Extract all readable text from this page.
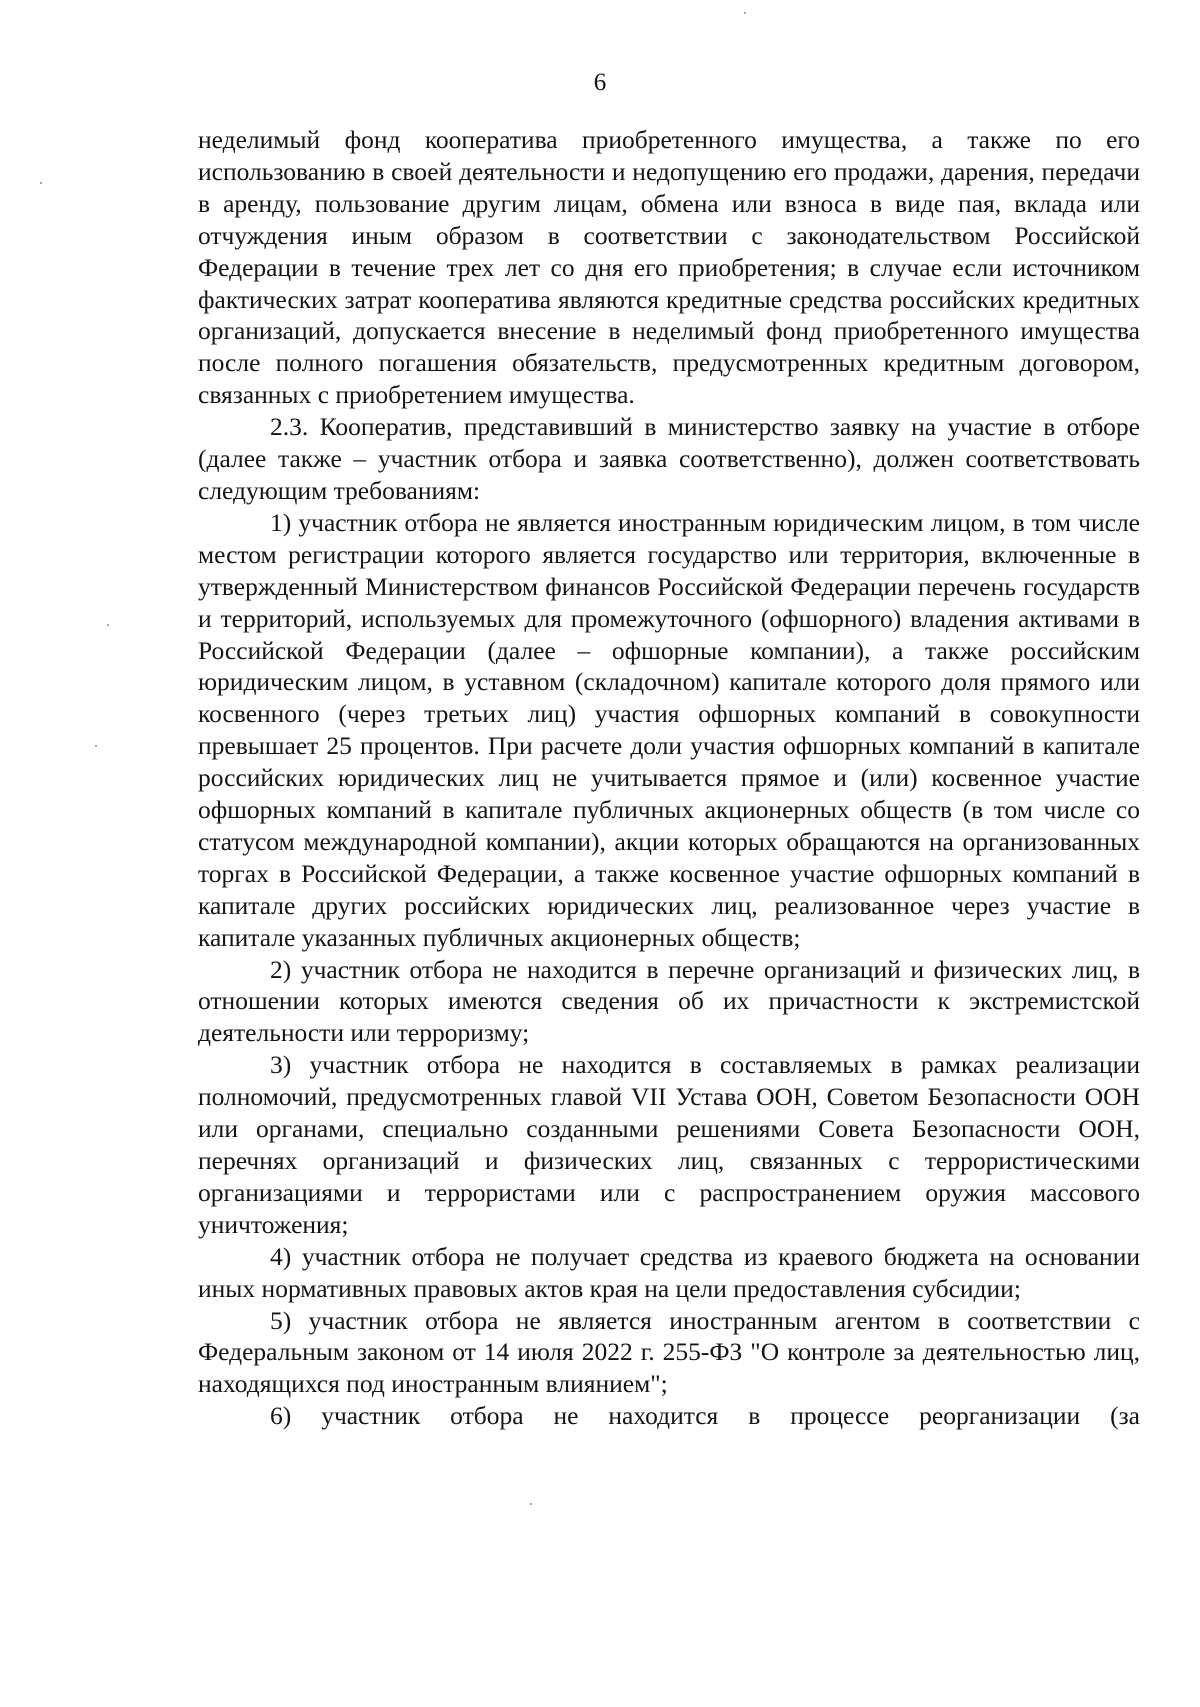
6

неделимый фонд кооператива приобретенного имущества, а также по его использованию в своей деятельности и недопущению его продажи, дарения, передачи в аренду, пользование другим лицам, обмена или взноса в виде пая, вклада или отчуждения иным образом в соответствии с законодательством Российской Федерации в течение трех лет со дня его приобретения; в случае если источником фактических затрат кооператива являются кредитные средства российских кредитных организаций, допускается внесение в неделимый фонд приобретенного имущества после полного погашения обязательств, предусмотренных кредитным договором, связанных с приобретением имущества.

2.3. Кооператив, представивший в министерство заявку на участие в отборе (далее также – участник отбора и заявка соответственно), должен соответствовать следующим требованиям:

1) участник отбора не является иностранным юридическим лицом, в том числе местом регистрации которого является государство или территория, включенные в утвержденный Министерством финансов Российской Федерации перечень государств и территорий, используемых для промежуточного (офшорного) владения активами в Российской Федерации (далее – офшорные компании), а также российским юридическим лицом, в уставном (складочном) капитале которого доля прямого или косвенного (через третьих лиц) участия офшорных компаний в совокупности превышает 25 процентов. При расчете доли участия офшорных компаний в капитале российских юридических лиц не учитывается прямое и (или) косвенное участие офшорных компаний в капитале публичных акционерных обществ (в том числе со статусом международной компании), акции которых обращаются на организованных торгах в Российской Федерации, а также косвенное участие офшорных компаний в капитале других российских юридических лиц, реализованное через участие в капитале указанных публичных акционерных обществ;

2) участник отбора не находится в перечне организаций и физических лиц, в отношении которых имеются сведения об их причастности к экстремистской деятельности или терроризму;

3) участник отбора не находится в составляемых в рамках реализации полномочий, предусмотренных главой VII Устава ООН, Советом Безопасности ООН или органами, специально созданными решениями Совета Безопасности ООН, перечнях организаций и физических лиц, связанных с террористическими организациями и террористами или с распространением оружия массового уничтожения;

4) участник отбора не получает средства из краевого бюджета на основании иных нормативных правовых актов края на цели предоставления субсидии;

5) участник отбора не является иностранным агентом в соответствии с Федеральным законом от 14 июля 2022 г. 255-ФЗ "О контроле за деятельностью лиц, находящихся под иностранным влиянием";

6) участник отбора не находится в процессе реорганизации (за
